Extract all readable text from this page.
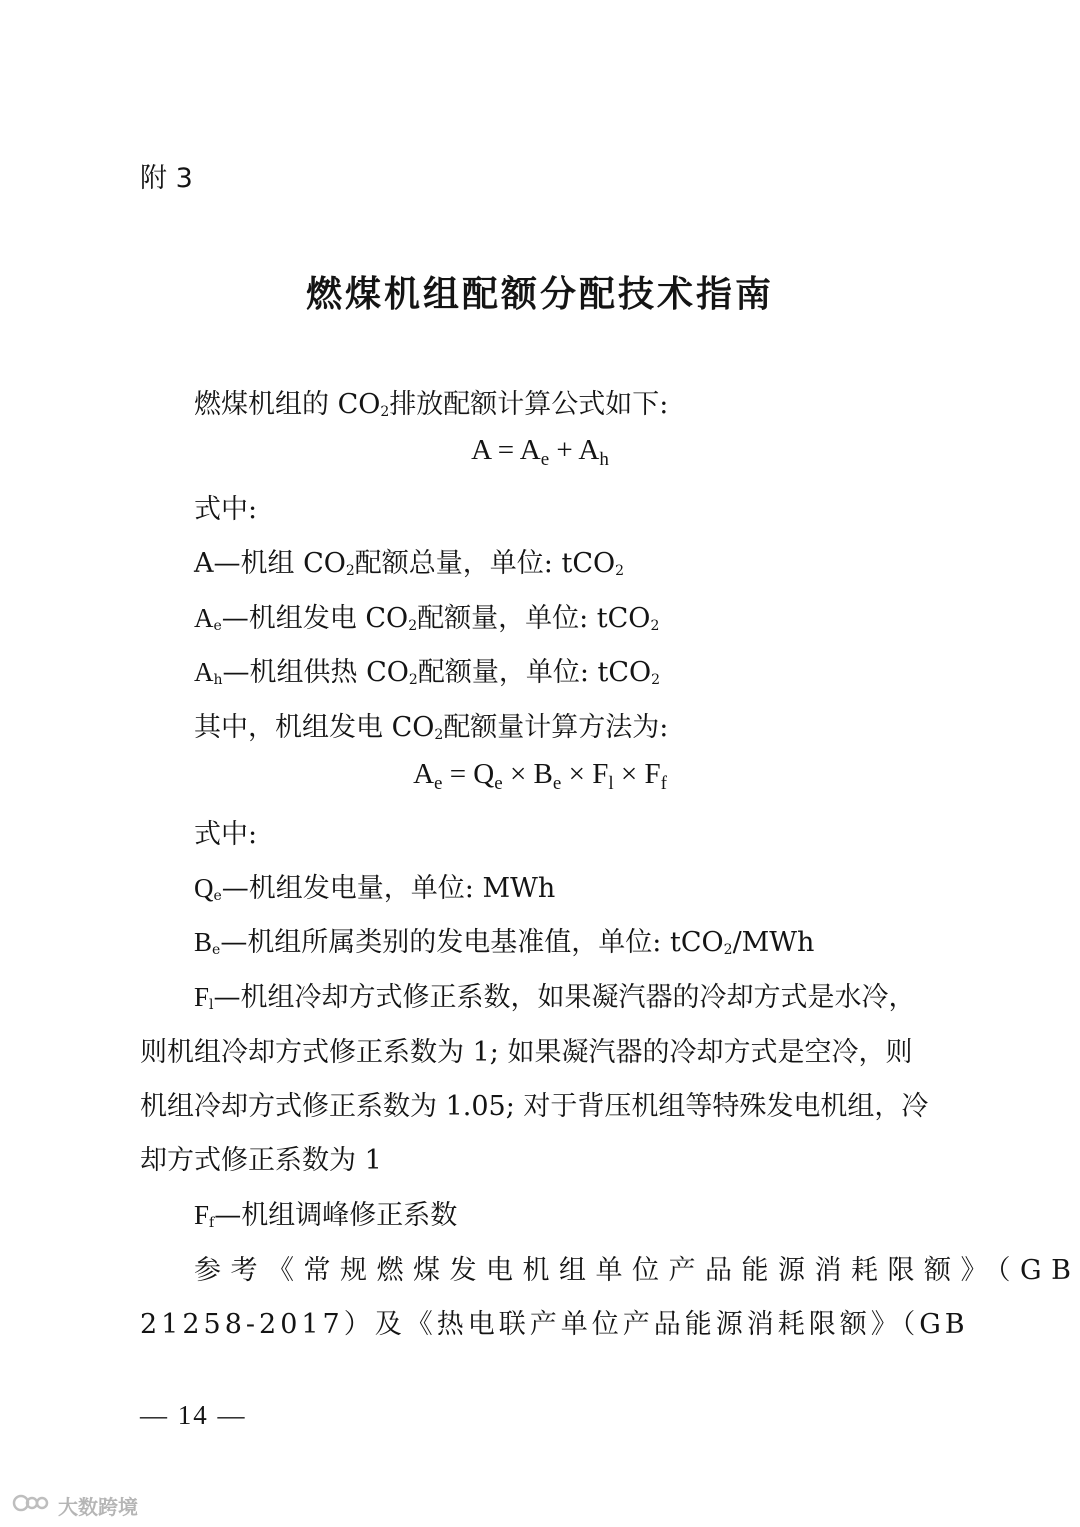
附 3
燃煤机组配额分配技术指南
燃煤机组的 CO2排放配额计算公式如下:
$A = A_e + A_h$
式中:
A—机组 CO2配额总量，单位: tCO2
Ae—机组发电 CO2配额量，单位: tCO2
Ah—机组供热 CO2配额量，单位: tCO2
其中，机组发电 CO2配额量计算方法为:
$A_e = Q_e \times B_e \times F_l \times F_f$
式中:
Qe—机组发电量，单位: MWh
Be—机组所属类别的发电基准值，单位: tCO2/MWh
Fl—机组冷却方式修正系数，如果凝汽器的冷却方式是水冷，
则机组冷却方式修正系数为 1; 如果凝汽器的冷却方式是空冷，则
机组冷却方式修正系数为 1.05; 对于背压机组等特殊发电机组，冷
却方式修正系数为 1
Ff—机组调峰修正系数
参考《常规燃煤发电机组单位产品能源消耗限额》（GB
21258-2017）及《热电联产单位产品能源消耗限额》（GB
— 14 —
大数跨境
